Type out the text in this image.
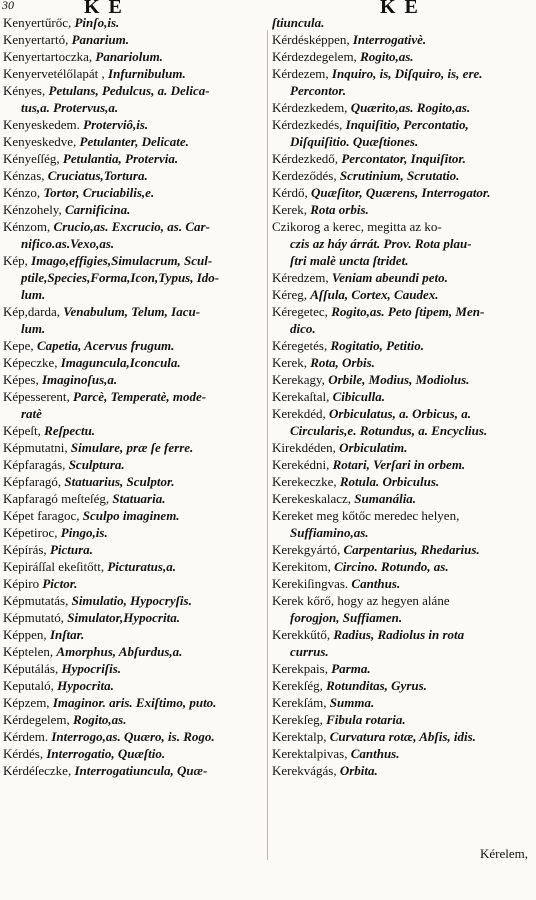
30	K E	K E
Kenyertűrőc, Pinſo,is.
Kenyertartó, Panarium.
Kenyertartoczka, Panariolum.
Kenyervetélőlapát , Infurnibulum.
Kényes, Petulans, Pedulcus, a. Delica-
tus,a. Protervus,a.
Kenyeskedem. Proterviô,is.
Kenyeskedve, Petulanter, Delicate.
Kényeſſég, Petulantia, Protervia.
Kénzas, Cruciatus,Tortura.
Kénzo, Tortor, Cruciabilis,e.
Kénzohely, Carnificina.
Kénzom, Crucio,as. Excrucio, as. Car-
nifico.as.Vexo,as.
Kép, Imago,effigies,Simulacrum, Scul-
ptile,Species,Forma,Icon,Typus, Ido-
lum.
Kép,darda, Venabulum, Telum, Iacu-
lum.
Kepe, Capetia, Acervus frugum.
Képeczke, Imaguncula,Iconcula.
Képes, Imaginoſus,a.
Képesserent, Parcè, Temperatè, mode-
ratè
Képeſt, Reſpectu.
Képmutatni, Simulare, præ ſe ferre.
Képfaragás, Sculptura.
Képfaragó, Statuarius, Sculptor.
Kapfaragó meſteſég, Statuaria.
Képet faragoc, Sculpo imaginem.
Képetiroc, Pingo,is.
Képírás, Pictura.
Kepiráſſal ekeſitőtt, Picturatus,a.
Képiro Pictor.
Képmutatás, Simulatio, Hypocryſis.
Képmutató, Simulator,Hypocrita.
Képpen, Inſtar.
Képtelen, Amorphus, Abſurdus,a.
Képutálás, Hypocriſis.
Keputaló, Hypocrita.
Képzem, Imaginor. aris. Exiſtimo, puto.
Kérdegelem, Rogito,as.
Kérdem. Interrogo,as. Quæro, is. Rogo.
Kérdés, Interrogatio, Quæſtio.
Kérdéſeczke, Interrogatiuncula, Quæ-
ſtiuncula.
Kérdésképpen, Interrogativè.
Kérdezdegelem, Rogito,as.
Kérdezem, Inquiro, is, Diſquiro, is, ere.
Percontor.
Kérdezkedem, Quærito,as. Rogito,as.
Kérdezkedés, Inquiſitio, Percontatio,
Diſquiſitio. Quæſtiones.
Kérdezkedő, Percontator, Inquiſitor.
Kerdeződés, Scrutinium, Scrutatio.
Kérdő, Quæſitor, Quærens, Interrogator.
Kerek, Rota orbis.
Czikorog a kerec, megitta az ko-
czis az háy árrát. Prov. Rota plau-
ſtri malè uncta ſtridet.
Kéredzem, Veniam abeundi peto.
Kéreg, Aſſula, Cortex, Caudex.
Kéregetec, Rogito,as. Peto ſtipem, Men-
dico.
Kéregetés, Rogitatio, Petitio.
Kerek, Rota, Orbis.
Kerekagy, Orbile, Modius, Modiolus.
Kerekaſtal, Cibiculla.
Kerekdéd, Orbiculatus, a. Orbicus, a.
Circularis,e. Rotundus, a. Encyclius.
Kirekdéden, Orbiculatim.
Kerekédni, Rotari, Verſari in orbem.
Kerekeczke, Rotula. Orbiculus.
Kerekeskalacz, Sumanália.
Kereket meg kőtőc meredec helyen,
Suffiamino,as.
Kerekgyártó, Carpentarius, Rhedarius.
Kerekitom, Circino. Rotundo, as.
Kerekiſingvas. Canthus.
Kerek kőrő, hogy az hegyen aláne
forogjon, Suffiamen.
Kerekkűtő, Radius, Radiolus in rota
currus.
Kerekpais, Parma.
Kerekſég, Rotunditas, Gyrus.
Kerekſám, Summa.
Kerekſeg, Fibula rotaria.
Kerektalp, Curvatura rotæ, Abſis, idis.
Kerektalpivas, Canthus.
Kerekvágás, Orbita.
Kérelem,
